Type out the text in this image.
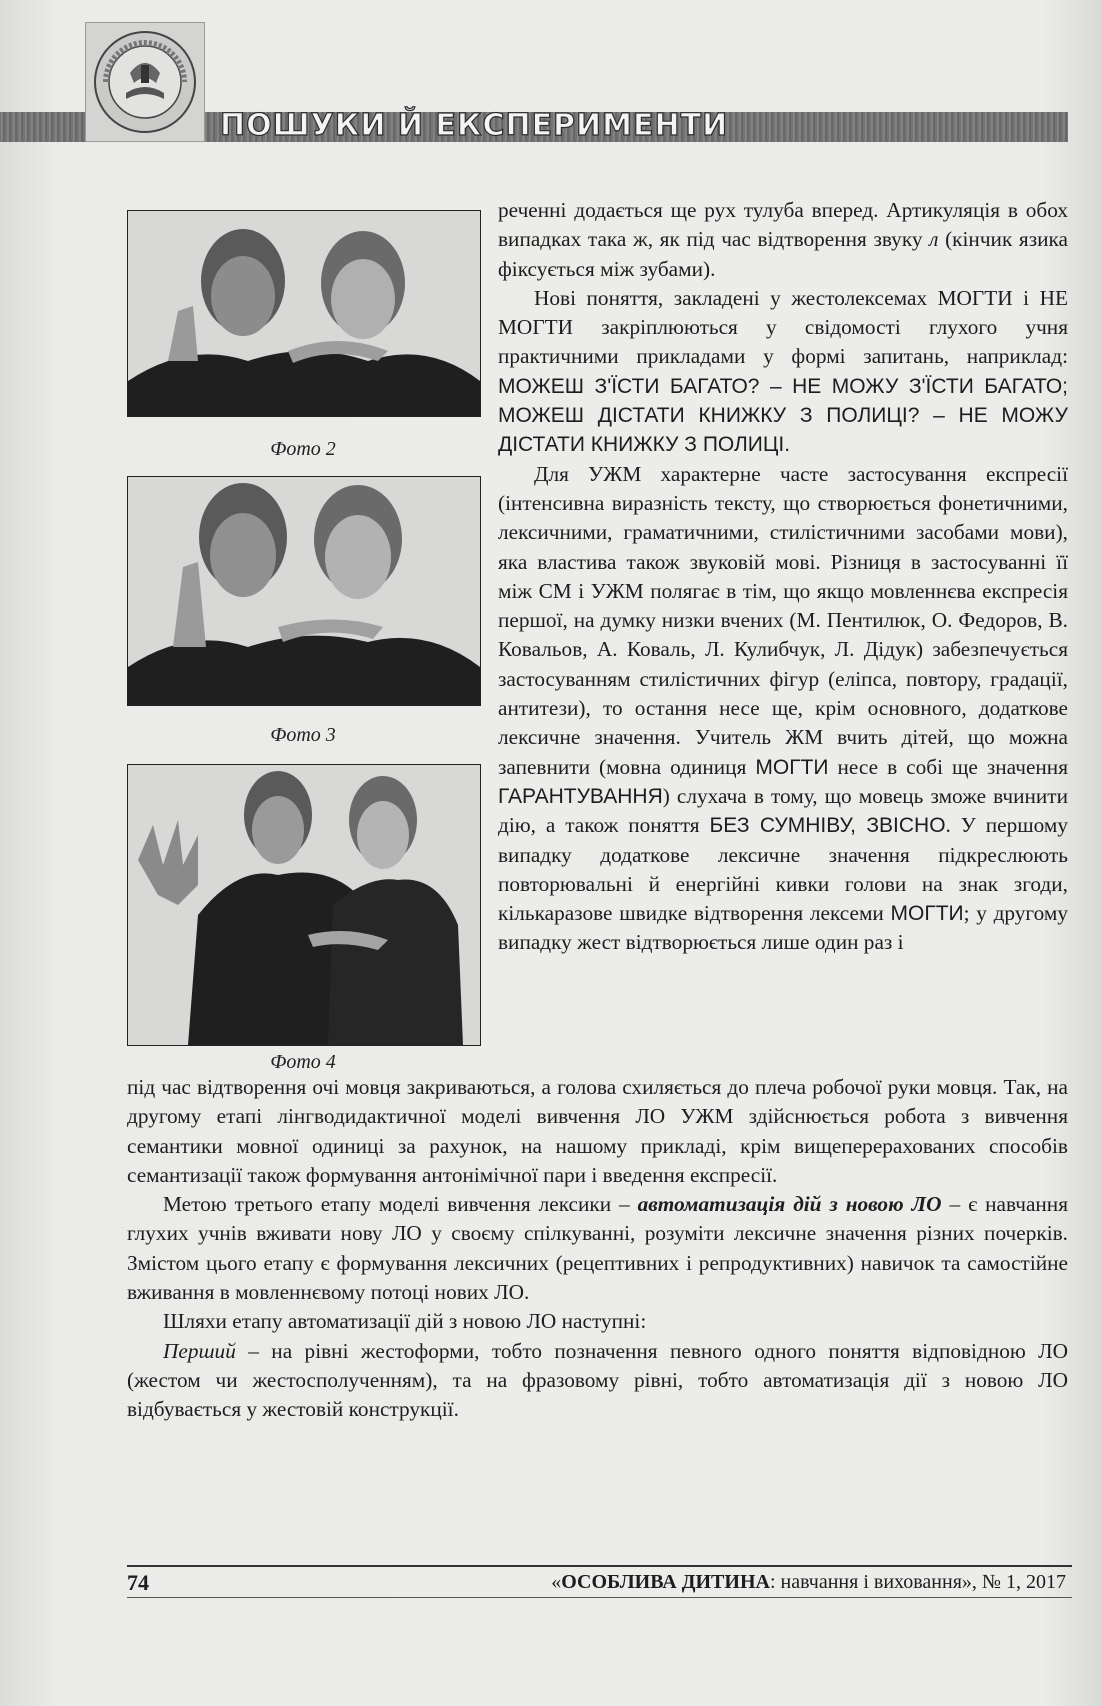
ПОШУКИ Й ЕКСПЕРИМЕНТИ
Фото 2
Фото 3
Фото 4

реченні додається ще рух тулуба вперед. Артикуляція в обох випадках така ж, як під час відтворення звуку л (кінчик язика фіксується між зубами).

Нові поняття, закладені у жестолексемах МОГТИ і НЕ МОГТИ закріплюються у свідомості глухого учня практичними прикладами у формі запитань, наприклад: МОЖЕШ З'ЇСТИ БАГАТО? – НЕ МОЖУ З'ЇСТИ БАГАТО; МОЖЕШ ДІСТАТИ КНИЖКУ З ПОЛИЦІ? – НЕ МОЖУ ДІСТАТИ КНИЖКУ З ПОЛИЦІ.

Для УЖМ характерне часте застосування експресії (інтенсивна виразність тексту, що створюється фонетичними, лексичними, граматичними, стилістичними засобами мови), яка властива також звуковій мові. Різниця в застосуванні її між СМ і УЖМ полягає в тім, що якщо мовленнєва експресія першої, на думку низки вчених (М. Пентилюк, О. Федоров, В. Ковальов, А. Коваль, Л. Кулибчук, Л. Дідук) забезпечується застосуванням стилістичних фігур (еліпса, повтору, градації, антитези), то остання несе ще, крім основного, додаткове лексичне значення. Учитель ЖМ вчить дітей, що можна запевнити (мовна одиниця МОГТИ несе в собі ще значення ГАРАНТУВАННЯ) слухача в тому, що мовець зможе вчинити дію, а також поняття БЕЗ СУМНІВУ, ЗВІСНО. У першому випадку додаткове лексичне значення підкреслюють повторювальні й енергійні кивки голови на знак згоди, кількаразове швидке відтворення лексеми МОГТИ; у другому випадку жест відтворюється лише один раз і

під час відтворення очі мовця закриваються, а голова схиляється до плеча робочої руки мовця. Так, на другому етапі лінгводидактичної моделі вивчення ЛО УЖМ здійснюється робота з вивчення семантики мовної одиниці за рахунок, на нашому прикладі, крім вищеперерахованих способів семантизації також формування антонімічної пари і введення експресії.

Метою третього етапу моделі вивчення лексики – автоматизація дій з новою ЛО – є навчання глухих учнів вживати нову ЛО у своєму спілкуванні, розуміти лексичне значення різних почерків. Змістом цього етапу є формування лексичних (рецептивних і репродуктивних) навичок та самостійне вживання в мовленнєвому потоці нових ЛО.

Шляхи етапу автоматизації дій з новою ЛО наступні:

Перший – на рівні жестоформи, тобто позначення певного одного поняття відповідною ЛО (жестом чи жестосполученням), та на фразовому рівні, тобто автоматизація дії з новою ЛО відбувається у жестовій конструкції.

74	«ОСОБЛИВА ДИТИНА: навчання і виховання», № 1, 2017
